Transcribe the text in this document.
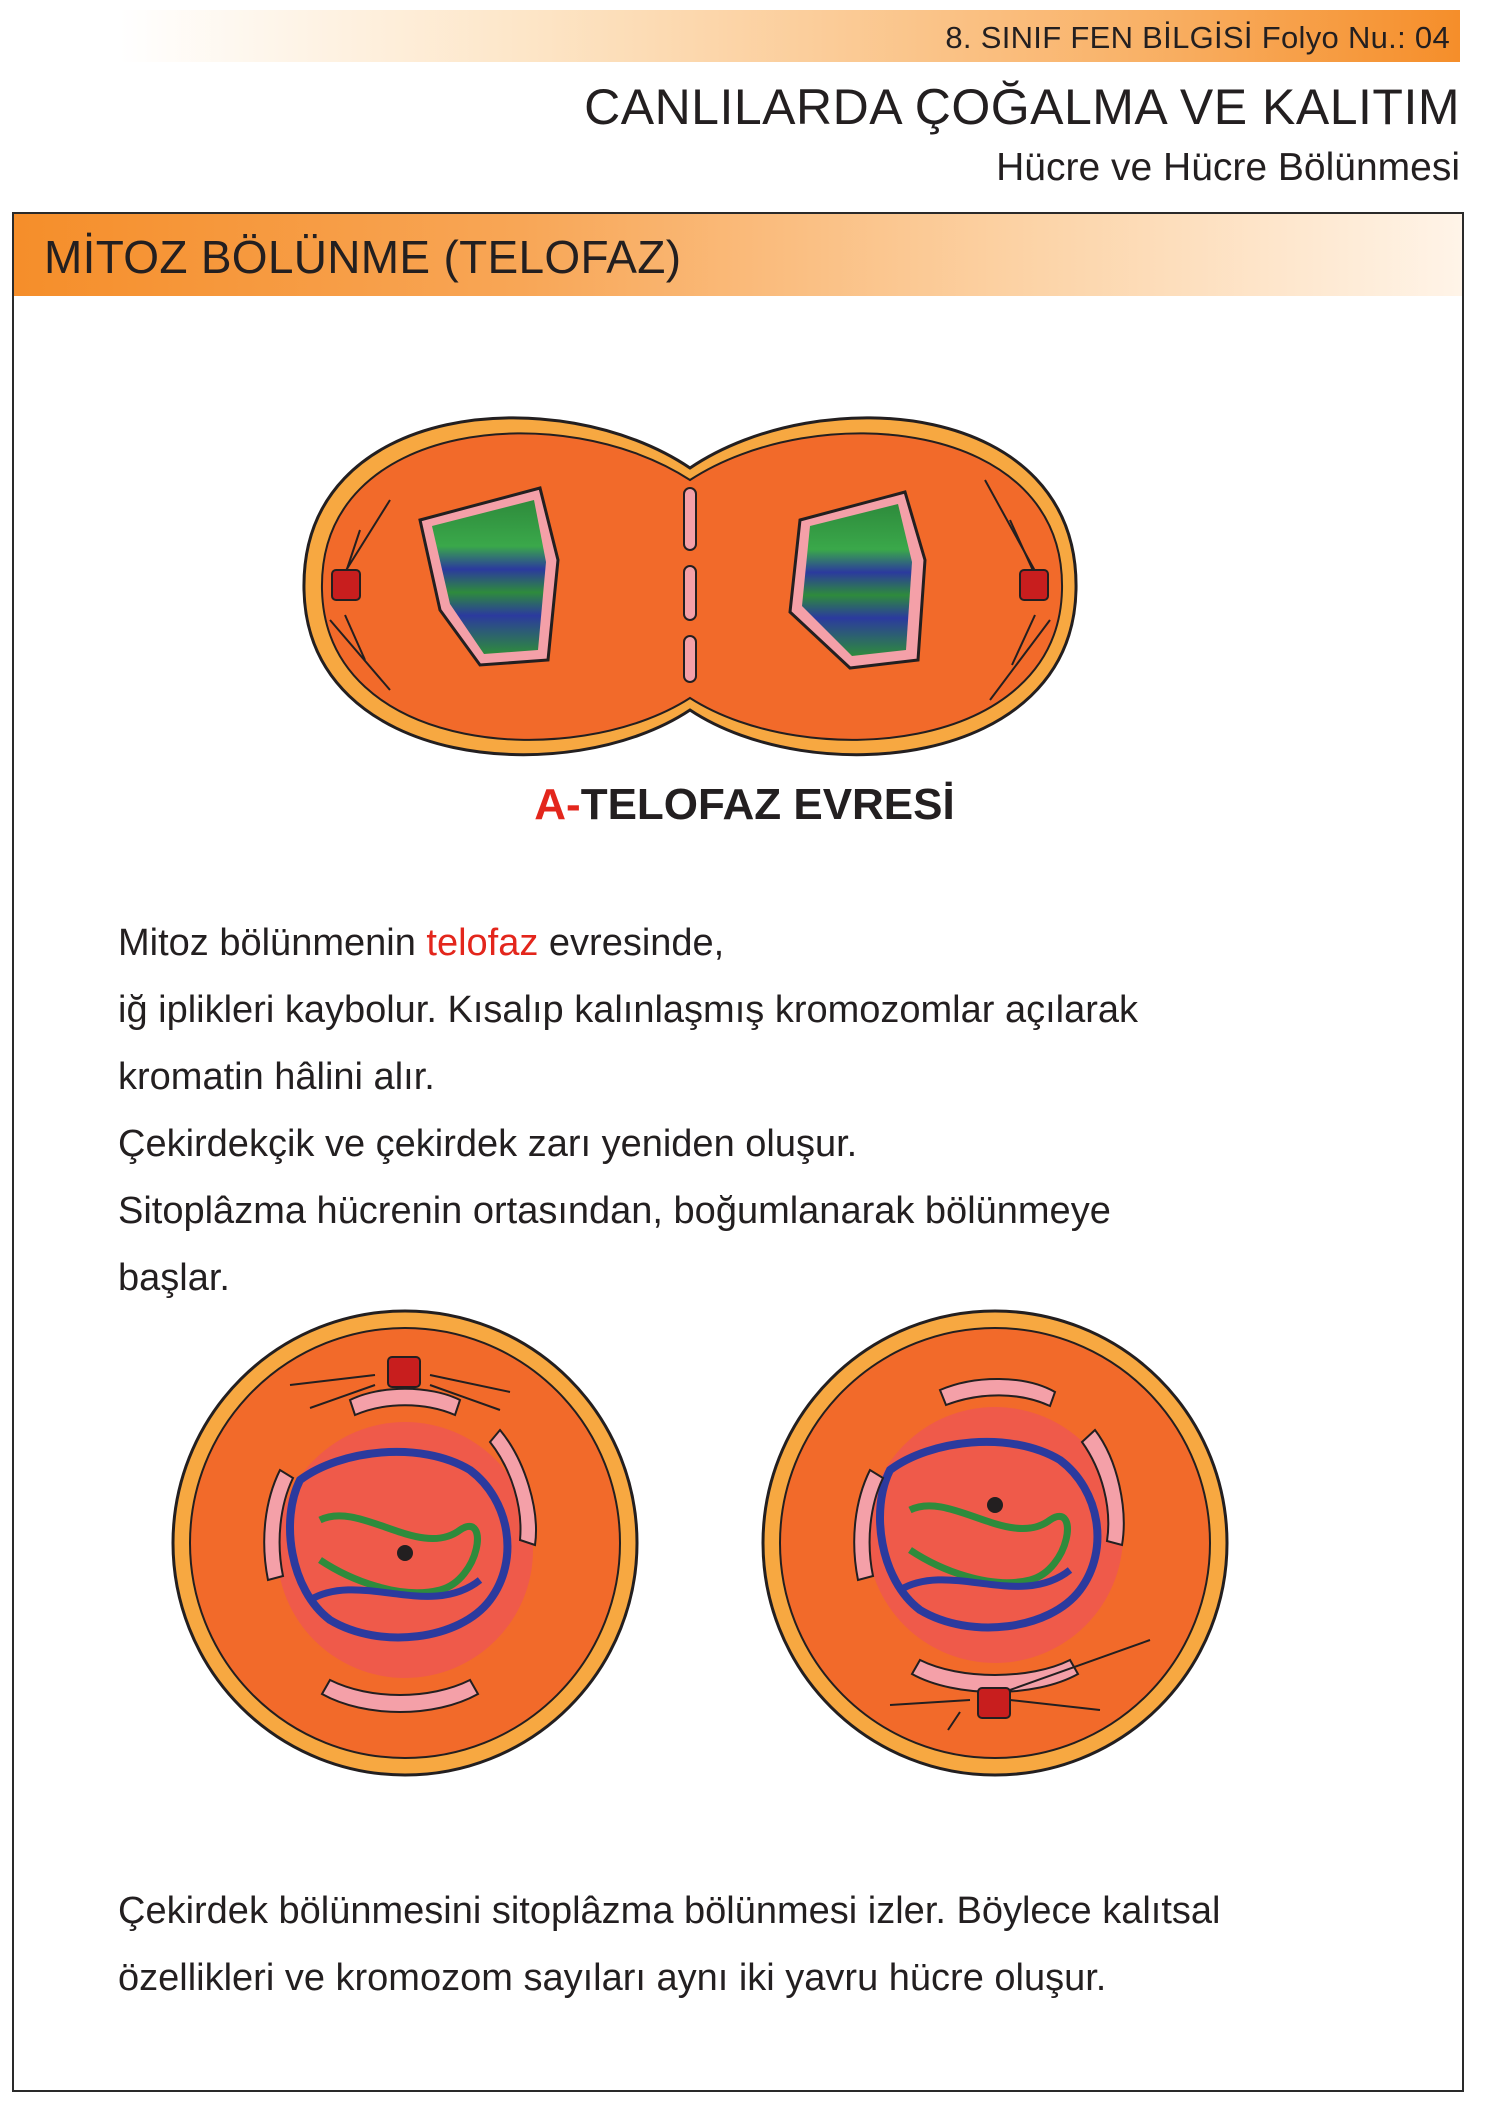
8. SINIF FEN BİLGİSİ Folyo Nu.: 04
CANLILARDA ÇOĞALMA VE KALITIM
Hücre ve Hücre Bölünmesi
MİTOZ BÖLÜNME (TELOFAZ)
A-TELOFAZ EVRESİ
Mitoz bölünmenin telofaz evresinde,
iğ iplikleri kaybolur. Kısalıp kalınlaşmış kromozomlar açılarak
kromatin hâlini alır.
Çekirdekçik ve çekirdek zarı yeniden oluşur.
Sitoplâzma hücrenin ortasından, boğumlanarak bölünmeye
başlar.
Çekirdek bölünmesini sitoplâzma bölünmesi izler. Böylece kalıtsal
özellikleri ve kromozom sayıları aynı iki yavru hücre oluşur.
